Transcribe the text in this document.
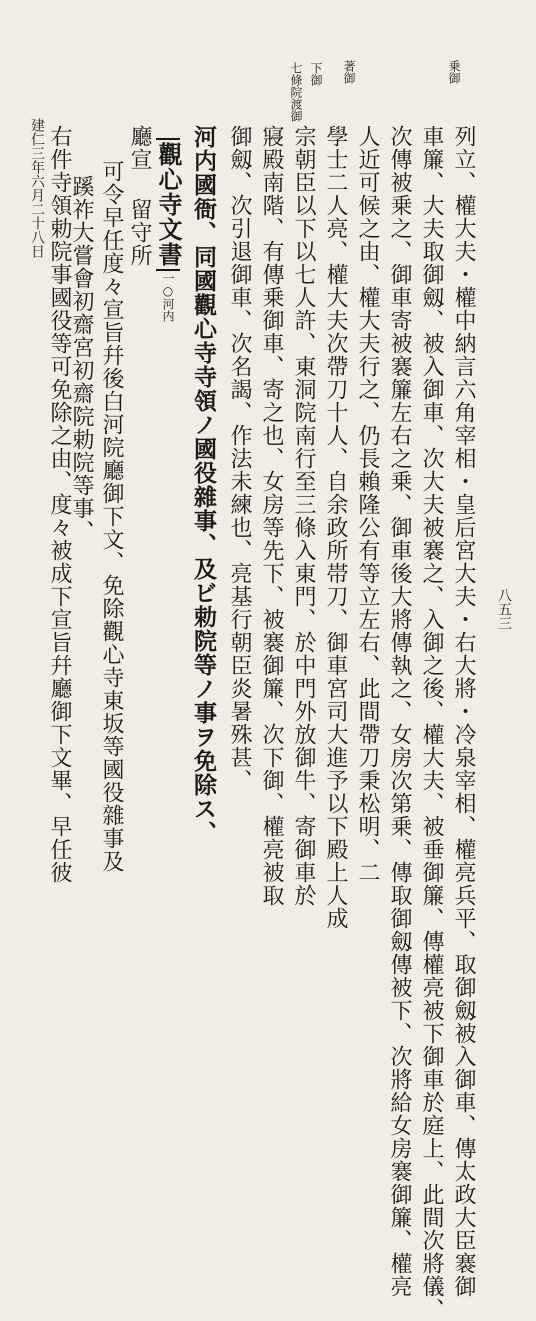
八五三
乗御
著御
下御
七條院渡御
列立、權大夫・權中納言六角宰相・皇后宮大夫・右大將・冷泉宰相、權亮兵平、取御劔被入御車、傳太政大臣褰御
車簾、大夫取御劔、被入御車、次大夫被褰之、入御之後、權大夫、被垂御簾、傳權亮被下御車於庭上、此間次將儀、
次傳被乗之、御車寄被褰簾左右之乗、御車後大將傳執之、女房次第乗、傳取御劔傳被下、次將給女房褰御簾、權亮
人近可候之由、權大夫行之、仍長賴隆公有等立左右、此間帶刀秉松明、二
學士二人亮、權大夫次帶刀十人、自余政所帯刀、御車宮司大進予以下殿上人成
宗朝臣以下以七人許、東洞院南行至三條入東門、於中門外放御牛、寄御車於
寢殿南階、有傳乗御車、寄之也、女房等先下、被褰御簾、次下御、權亮被取
御劔、次引退御車、次名謁、作法未練也、亮基行朝臣炎暑殊甚、
河内國衙、同國觀心寺寺領ノ國役雜事、及ビ勅院等ノ事ヲ免除ス、
觀心寺文書
一○河内
廳宣
留守所
可令早任度々宣旨幷後白河院廳御下文、免除觀心寺東坂等國役雜事及
蹊祚大嘗會初齋宮初齋院勅院等事、
右件寺領勅院事國役等可免除之由、度々被成下宣旨幷廳御下文畢、早任彼
建仁三年六月二十八日
